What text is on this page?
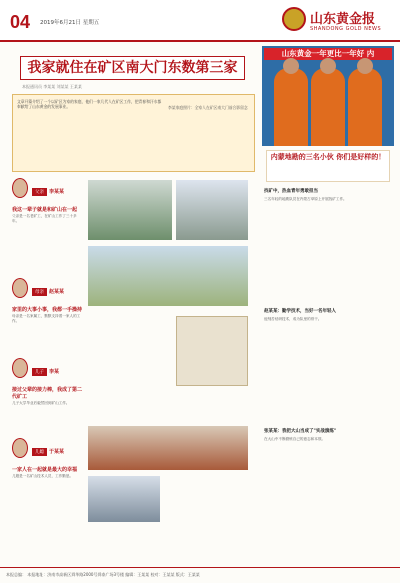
04 2019年6月21日 星期五	山东黄金报
SHANDONG GOLD NEWS
我家就住在矿区南大门东数第三家
本报通讯员 李某某 刘某某 王某某
文章开篇介绍了一个以矿区为家的家庭，他们一家几代人在矿区工作，把青春和汗水都奉献给了山东黄金的发展事业。	李某家庭照片：全家人在矿区南大门前合影留念
父亲 李某某
我这一辈子就是和矿山在一起
父亲是一名老矿工，在矿山工作了三十多年。
母亲 赵某某
家里的大事小事，我都一手操持
母亲是一名家属工，默默支持着一家人的工作。
儿子 李某
接过父辈的接力棒，我成了第二代矿工
儿子大学毕业后毅然回到矿山工作。
儿媳 于某某
一家人在一起就是最大的幸福
儿媳是一名矿山技术人员，工作勤恳。
山东黄金一年更比一年好 内
内蒙地勘的三名小伙 你们是好样的！
找矿中，热血青年勇敢担当
三名年轻的地勘队员在内蒙古草原上开展找矿工作。
赵某某：勤学技术，当好一名年轻人
他刻苦钻研技术，成为队里的骨干。
张某某：我把大山当成了"实战演练"
在大山中不断磨炼自己的意志和本领。
本报总编： 本报地址：济南市高新区舜华路2000号舜泰广场3号楼 编辑：王某某 校对：王某某 版式：王某某
